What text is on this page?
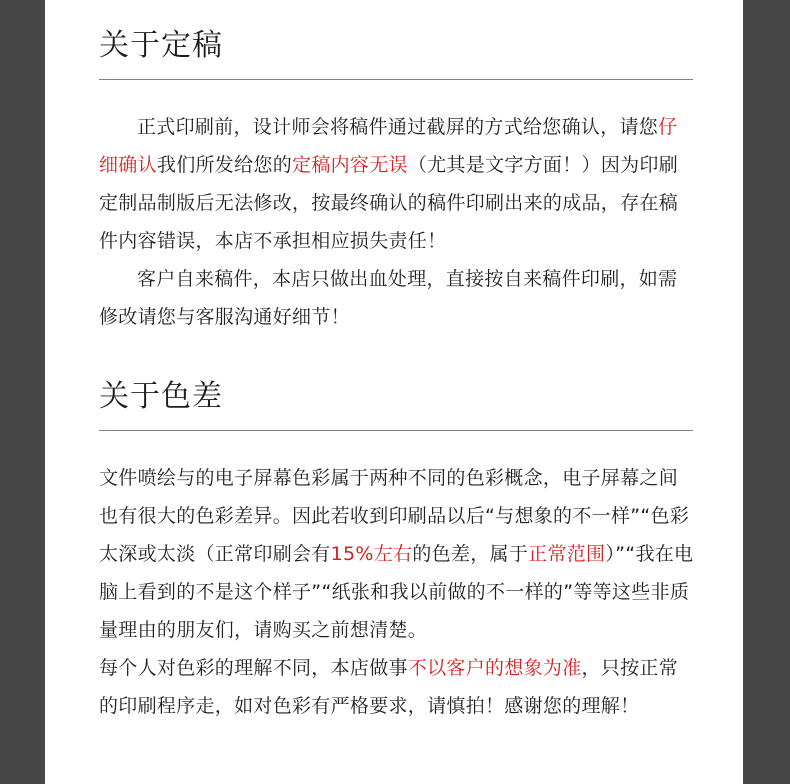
关于定稿

正式印刷前，设计师会将稿件通过截屏的方式给您确认，请您仔细确认我们所发给您的定稿内容无误（尤其是文字方面！）因为印刷定制品制版后无法修改，按最终确认的稿件印刷出来的成品，存在稿件内容错误，本店不承担相应损失责任！

客户自来稿件，本店只做出血处理，直接按自来稿件印刷，如需修改请您与客服沟通好细节！

关于色差

文件喷绘与的电子屏幕色彩属于两种不同的色彩概念，电子屏幕之间也有很大的色彩差异。因此若收到印刷品以后“与想象的不一样”“色彩太深或太淡（正常印刷会有15%左右的色差，属于正常范围）”“我在电脑上看到的不是这个样子”“纸张和我以前做的不一样的”等等这些非质量理由的朋友们，请购买之前想清楚。

每个人对色彩的理解不同，本店做事不以客户的想象为准，只按正常的印刷程序走，如对色彩有严格要求，请慎拍！感谢您的理解！
